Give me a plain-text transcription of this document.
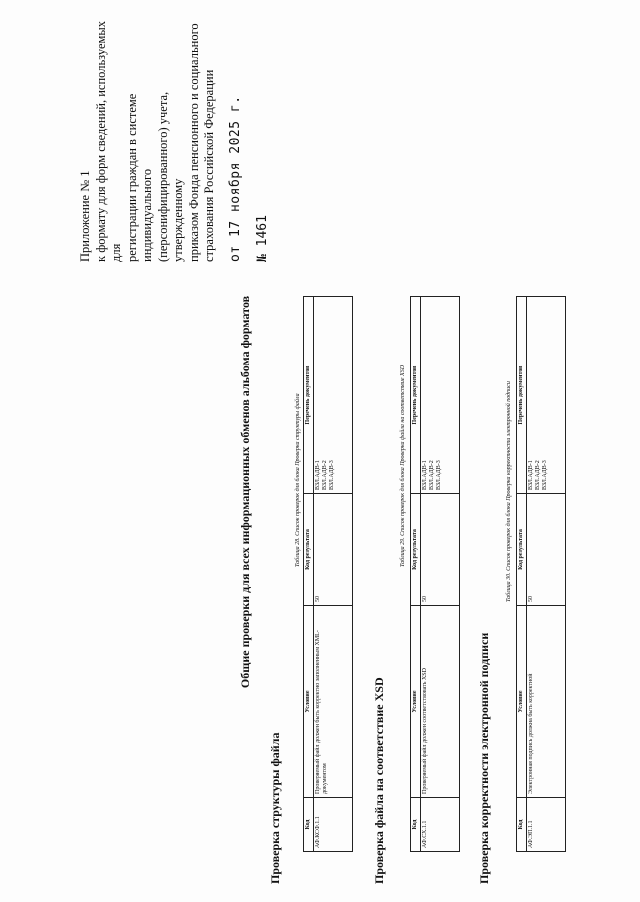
Приложение № 1 к формату для форм сведений, используемых для регистрации граждан в системе индивидуального (персонифицированного) учета, утвержденному приказом Фонда пенсионного и социального страхования Российской Федерации от 17 ноября 2025 г. № 1461
Общие проверки для всех информационных обменов альбома форматов
Проверка структуры файла
Таблица 28. Список проверок для блока Проверка структуры файла
Код	Условие	Код результата	Перечень документов
АФ.КСФ.1.1	Проверяемый файл должен быть корректно заполненным XML-документом	50	ВЗЛ.АДВ-1 ВЗЛ.АДВ-2 ВЗЛ.АДВ-3
Проверка файла на соответствие XSD
Таблица 29. Список проверок для блока Проверка файла на соответствие XSD
Код	Условие	Код результата	Перечень документов
АФ.СХ.1.1	Проверяемый файл должен соответствовать XSD	50	ВЗЛ.АДВ-1 ВЗЛ.АДВ-2 ВЗЛ.АДВ-3
Проверка корректности электронной подписи
Таблица 30. Список проверок для блока Проверка корректности электронной подписи
Код	Условие	Код результата	Перечень документов
АФ.ЭП.1.1	Электронная подпись должна быть корректной	50	ВЗЛ.АДВ-1 ВЗЛ.АДВ-2 ВЗЛ.АДВ-3
